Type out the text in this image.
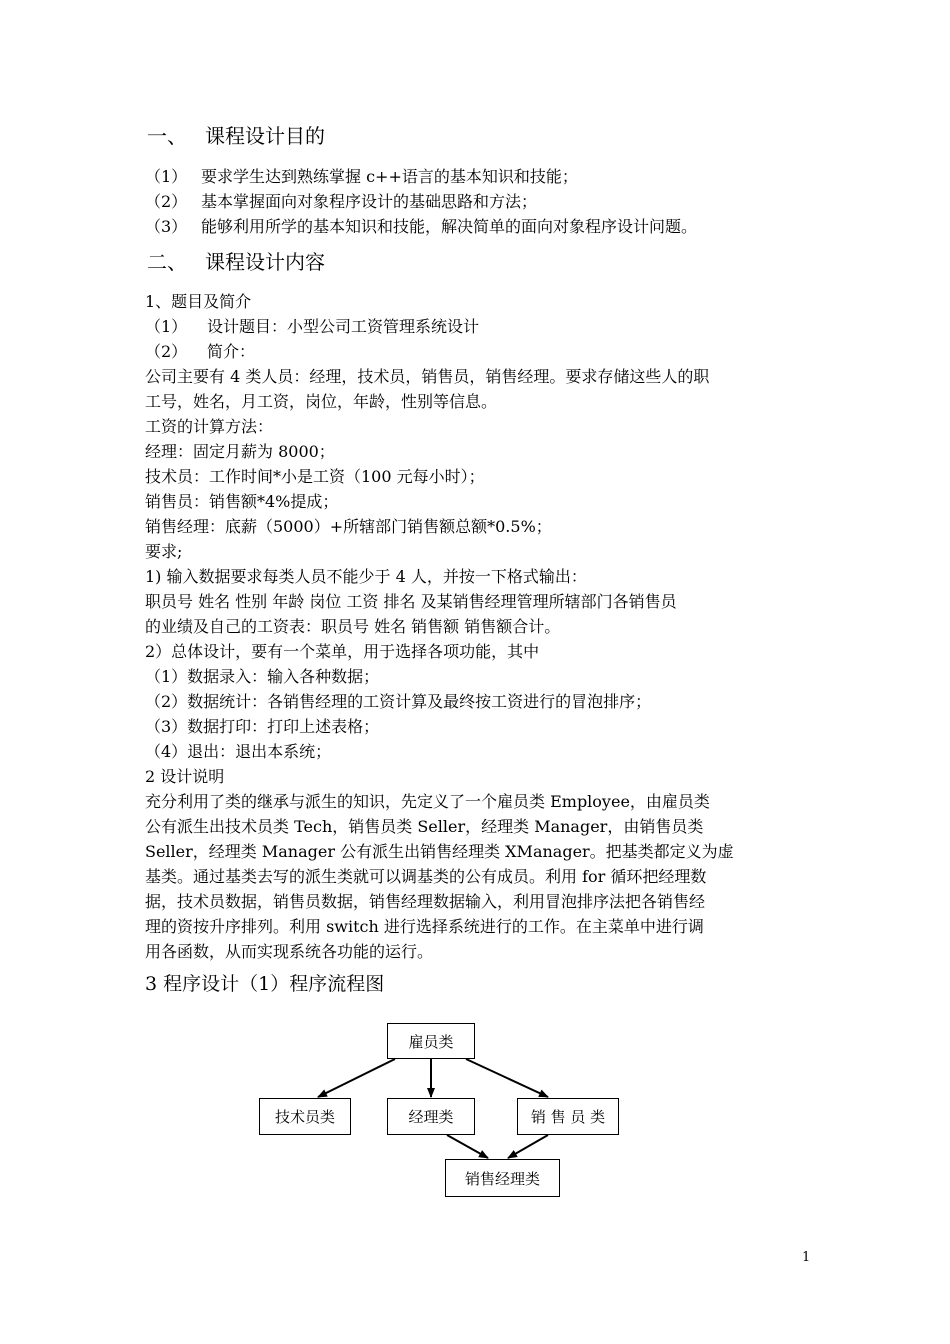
一、 课程设计目的
（1） 要求学生达到熟练掌握 c++语言的基本知识和技能；
（2） 基本掌握面向对象程序设计的基础思路和方法；
（3） 能够利用所学的基本知识和技能，解决简单的面向对象程序设计问题。
二、 课程设计内容
1、题目及简介
（1） 设计题目：小型公司工资管理系统设计
（2） 简介：
公司主要有 4 类人员：经理，技术员，销售员，销售经理。要求存储这些人的职
工号，姓名，月工资，岗位，年龄，性别等信息。
工资的计算方法：
经理：固定月薪为 8000；
技术员：工作时间*小是工资（100 元每小时）；
销售员：销售额*4%提成；
销售经理：底薪（5000）+所辖部门销售额总额*0.5%；
要求;
1) 输入数据要求每类人员不能少于 4 人，并按一下格式输出：
职员号 姓名 性别 年龄 岗位 工资 排名 及某销售经理管理所辖部门各销售员
的业绩及自己的工资表：职员号 姓名 销售额 销售额合计。
2）总体设计，要有一个菜单，用于选择各项功能，其中
（1）数据录入：输入各种数据；
（2）数据统计：各销售经理的工资计算及最终按工资进行的冒泡排序；
（3）数据打印：打印上述表格；
（4）退出：退出本系统；
2 设计说明
充分利用了类的继承与派生的知识，先定义了一个雇员类 Employee，由雇员类
公有派生出技术员类 Tech，销售员类 Seller，经理类 Manager，由销售员类
Seller，经理类 Manager 公有派生出销售经理类 XManager。把基类都定义为虚
基类。通过基类去写的派生类就可以调基类的公有成员。利用 for 循环把经理数
据，技术员数据，销售员数据，销售经理数据输入，利用冒泡排序法把各销售经
理的资按升序排列。利用 switch 进行选择系统进行的工作。在主菜单中进行调
用各函数，从而实现系统各功能的运行。
3 程序设计（1）程序流程图
雇员类
技术员类	经理类	销 售 员 类
销售经理类
1
